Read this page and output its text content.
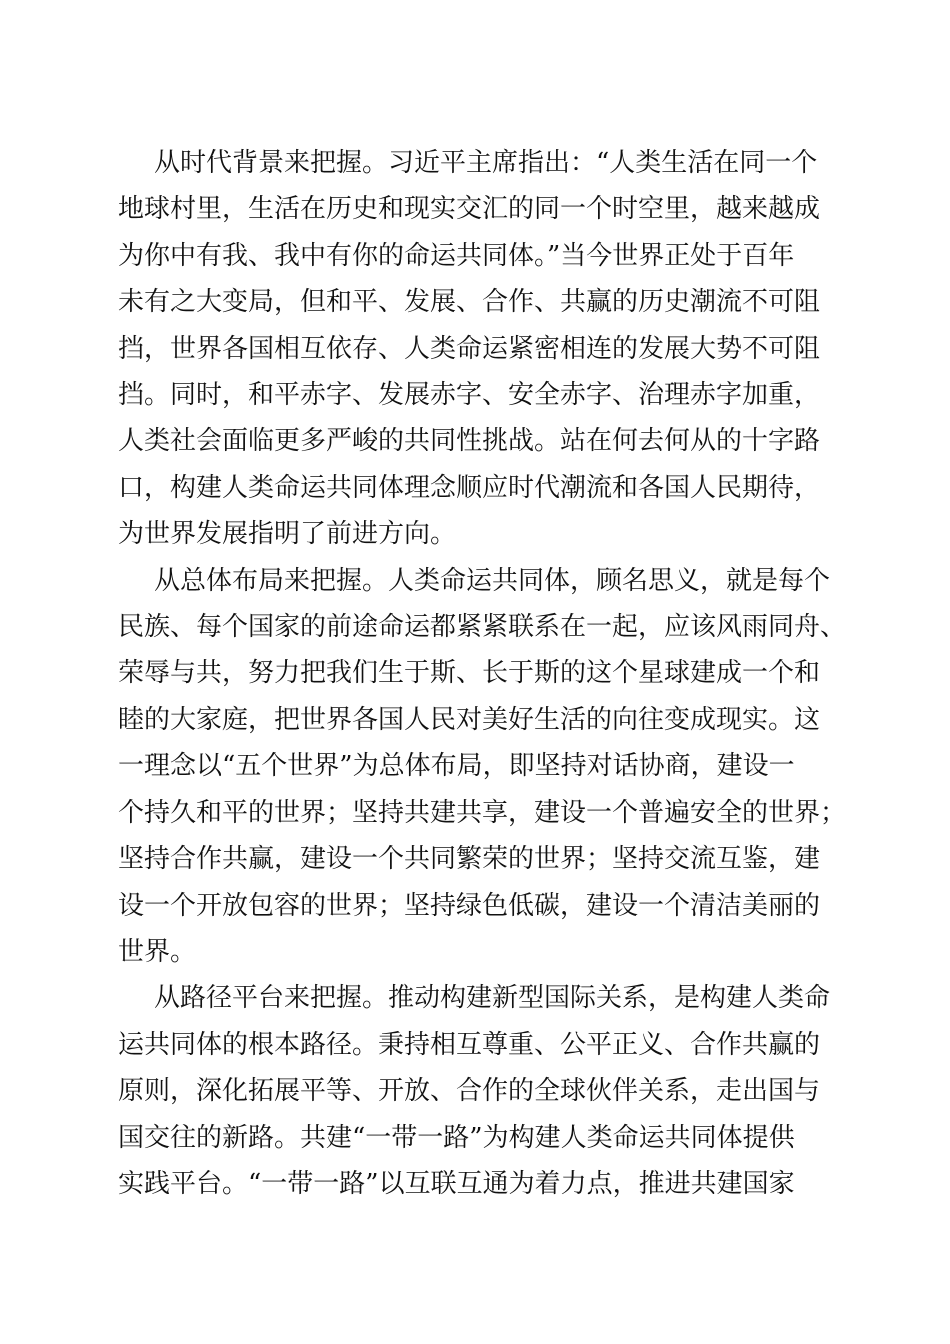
从时代背景来把握。习近平主席指出：“人类生活在同一个
地球村里，生活在历史和现实交汇的同一个时空里，越来越成
为你中有我、我中有你的命运共同体。”当今世界正处于百年
未有之大变局，但和平、发展、合作、共赢的历史潮流不可阻
挡，世界各国相互依存、人类命运紧密相连的发展大势不可阻
挡。同时，和平赤字、发展赤字、安全赤字、治理赤字加重，
人类社会面临更多严峻的共同性挑战。站在何去何从的十字路
口，构建人类命运共同体理念顺应时代潮流和各国人民期待，
为世界发展指明了前进方向。

从总体布局来把握。人类命运共同体，顾名思义，就是每个
民族、每个国家的前途命运都紧紧联系在一起，应该风雨同舟、
荣辱与共，努力把我们生于斯、长于斯的这个星球建成一个和
睦的大家庭，把世界各国人民对美好生活的向往变成现实。这
一理念以“五个世界”为总体布局，即坚持对话协商，建设一
个持久和平的世界；坚持共建共享，建设一个普遍安全的世界；
坚持合作共赢，建设一个共同繁荣的世界；坚持交流互鉴，建
设一个开放包容的世界；坚持绿色低碳，建设一个清洁美丽的
世界。

从路径平台来把握。推动构建新型国际关系，是构建人类命
运共同体的根本路径。秉持相互尊重、公平正义、合作共赢的
原则，深化拓展平等、开放、合作的全球伙伴关系，走出国与
国交往的新路。共建“一带一路”为构建人类命运共同体提供
实践平台。“一带一路”以互联互通为着力点，推进共建国家
